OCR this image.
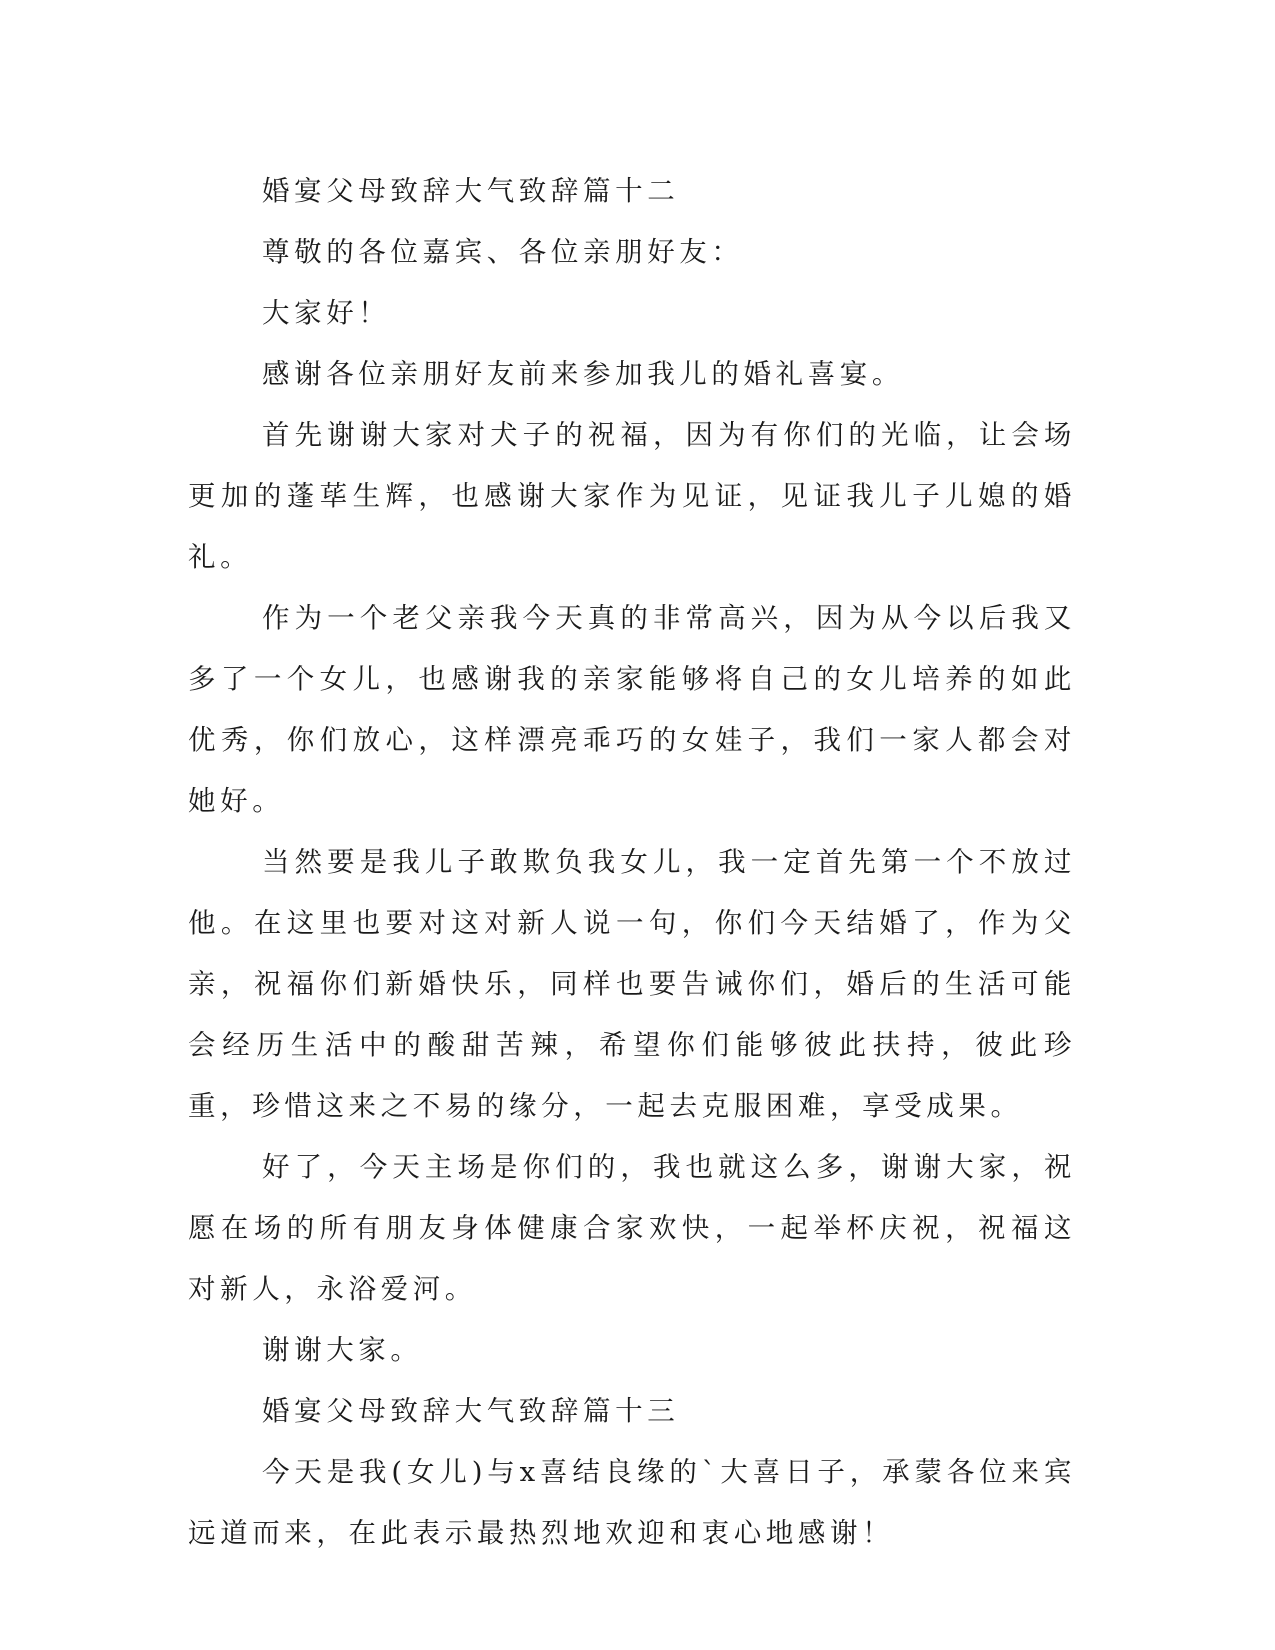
婚宴父母致辞大气致辞篇十二

尊敬的各位嘉宾、各位亲朋好友：

大家好！

感谢各位亲朋好友前来参加我儿的婚礼喜宴。

首先谢谢大家对犬子的祝福，因为有你们的光临，让会场更加的蓬荜生辉，也感谢大家作为见证，见证我儿子儿媳的婚礼。

作为一个老父亲我今天真的非常高兴，因为从今以后我又多了一个女儿，也感谢我的亲家能够将自己的女儿培养的如此优秀，你们放心，这样漂亮乖巧的女娃子，我们一家人都会对她好。

当然要是我儿子敢欺负我女儿，我一定首先第一个不放过他。在这里也要对这对新人说一句，你们今天结婚了，作为父亲，祝福你们新婚快乐，同样也要告诫你们，婚后的生活可能会经历生活中的酸甜苦辣，希望你们能够彼此扶持，彼此珍重，珍惜这来之不易的缘分，一起去克服困难，享受成果。

好了，今天主场是你们的，我也就这么多，谢谢大家，祝愿在场的所有朋友身体健康合家欢快，一起举杯庆祝，祝福这对新人，永浴爱河。

谢谢大家。

婚宴父母致辞大气致辞篇十三

今天是我(女儿)与x喜结良缘的`大喜日子，承蒙各位来宾远道而来，在此表示最热烈地欢迎和衷心地感谢！
